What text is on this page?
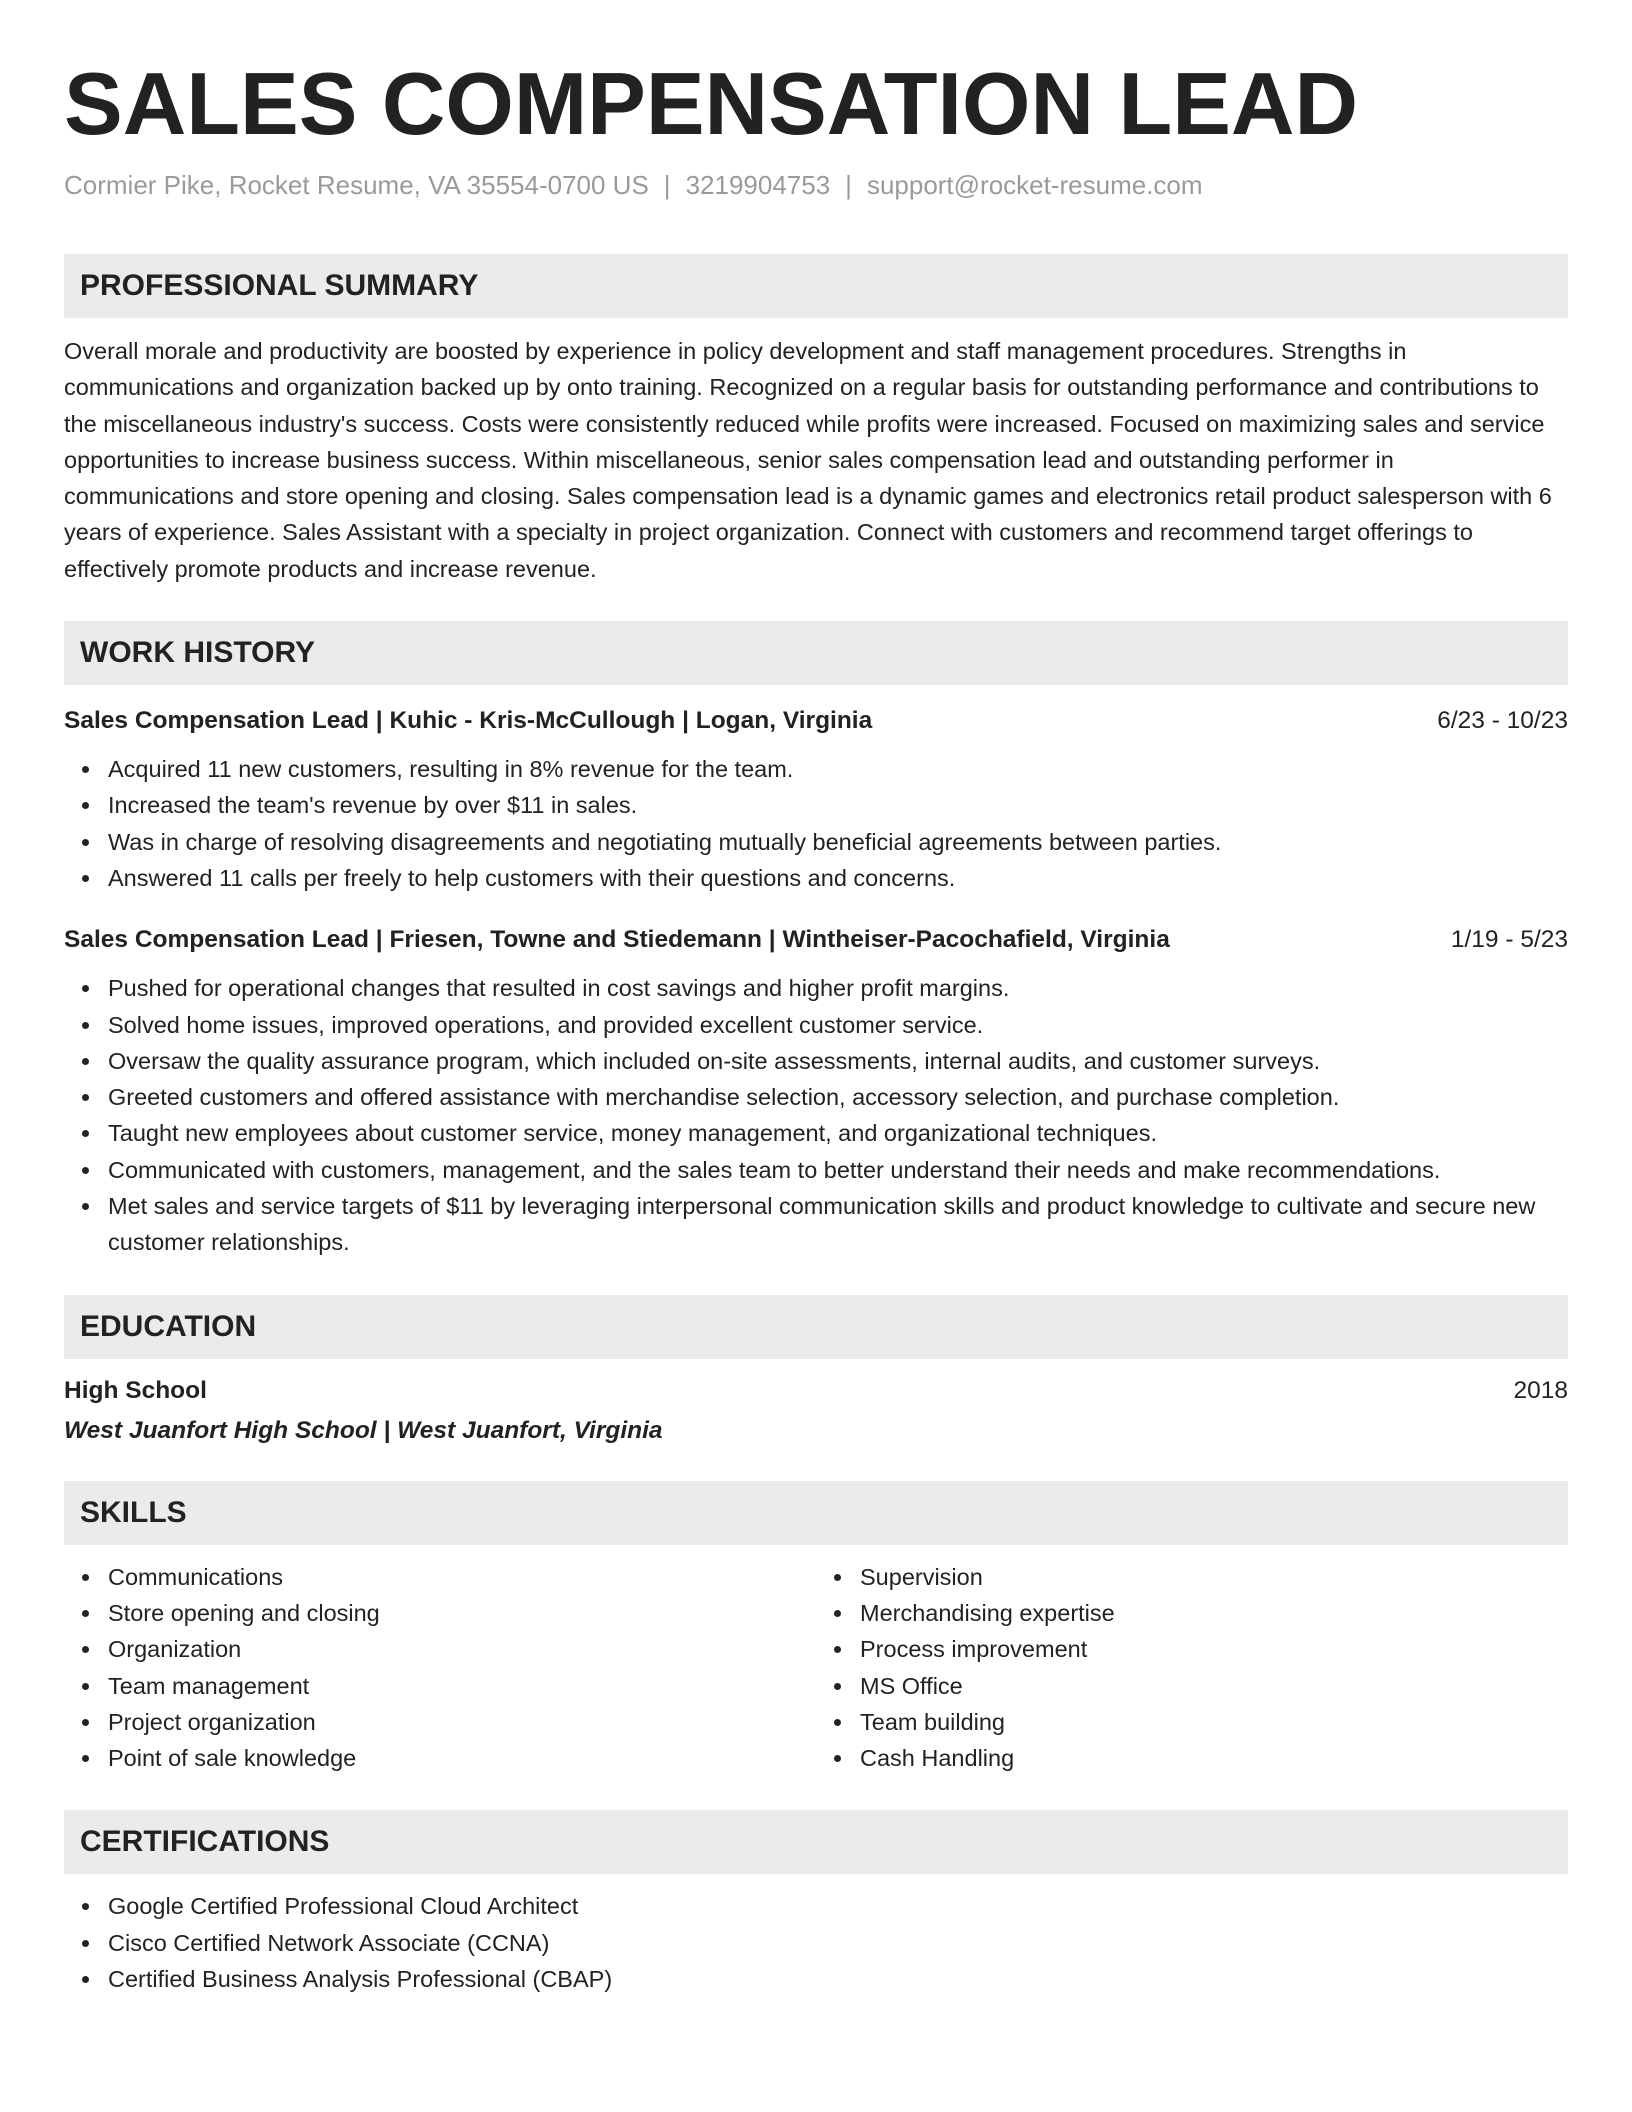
SALES COMPENSATION LEAD
Cormier Pike, Rocket Resume, VA 35554-0700 US | 3219904753 | support@rocket-resume.com
PROFESSIONAL SUMMARY
Overall morale and productivity are boosted by experience in policy development and staff management procedures. Strengths in communications and organization backed up by onto training. Recognized on a regular basis for outstanding performance and contributions to the miscellaneous industry's success. Costs were consistently reduced while profits were increased. Focused on maximizing sales and service opportunities to increase business success. Within miscellaneous, senior sales compensation lead and outstanding performer in communications and store opening and closing. Sales compensation lead is a dynamic games and electronics retail product salesperson with 6 years of experience. Sales Assistant with a specialty in project organization. Connect with customers and recommend target offerings to effectively promote products and increase revenue.
WORK HISTORY
Sales Compensation Lead | Kuhic - Kris-McCullough | Logan, Virginia	6/23 - 10/23
Acquired 11 new customers, resulting in 8% revenue for the team.
Increased the team's revenue by over $11 in sales.
Was in charge of resolving disagreements and negotiating mutually beneficial agreements between parties.
Answered 11 calls per freely to help customers with their questions and concerns.
Sales Compensation Lead | Friesen, Towne and Stiedemann | Wintheiser-Pacochafield, Virginia	1/19 - 5/23
Pushed for operational changes that resulted in cost savings and higher profit margins.
Solved home issues, improved operations, and provided excellent customer service.
Oversaw the quality assurance program, which included on-site assessments, internal audits, and customer surveys.
Greeted customers and offered assistance with merchandise selection, accessory selection, and purchase completion.
Taught new employees about customer service, money management, and organizational techniques.
Communicated with customers, management, and the sales team to better understand their needs and make recommendations.
Met sales and service targets of $11 by leveraging interpersonal communication skills and product knowledge to cultivate and secure new customer relationships.
EDUCATION
High School	2018
West Juanfort High School | West Juanfort, Virginia
SKILLS
Communications
Store opening and closing
Organization
Team management
Project organization
Point of sale knowledge
Supervision
Merchandising expertise
Process improvement
MS Office
Team building
Cash Handling
CERTIFICATIONS
Google Certified Professional Cloud Architect
Cisco Certified Network Associate (CCNA)
Certified Business Analysis Professional (CBAP)
